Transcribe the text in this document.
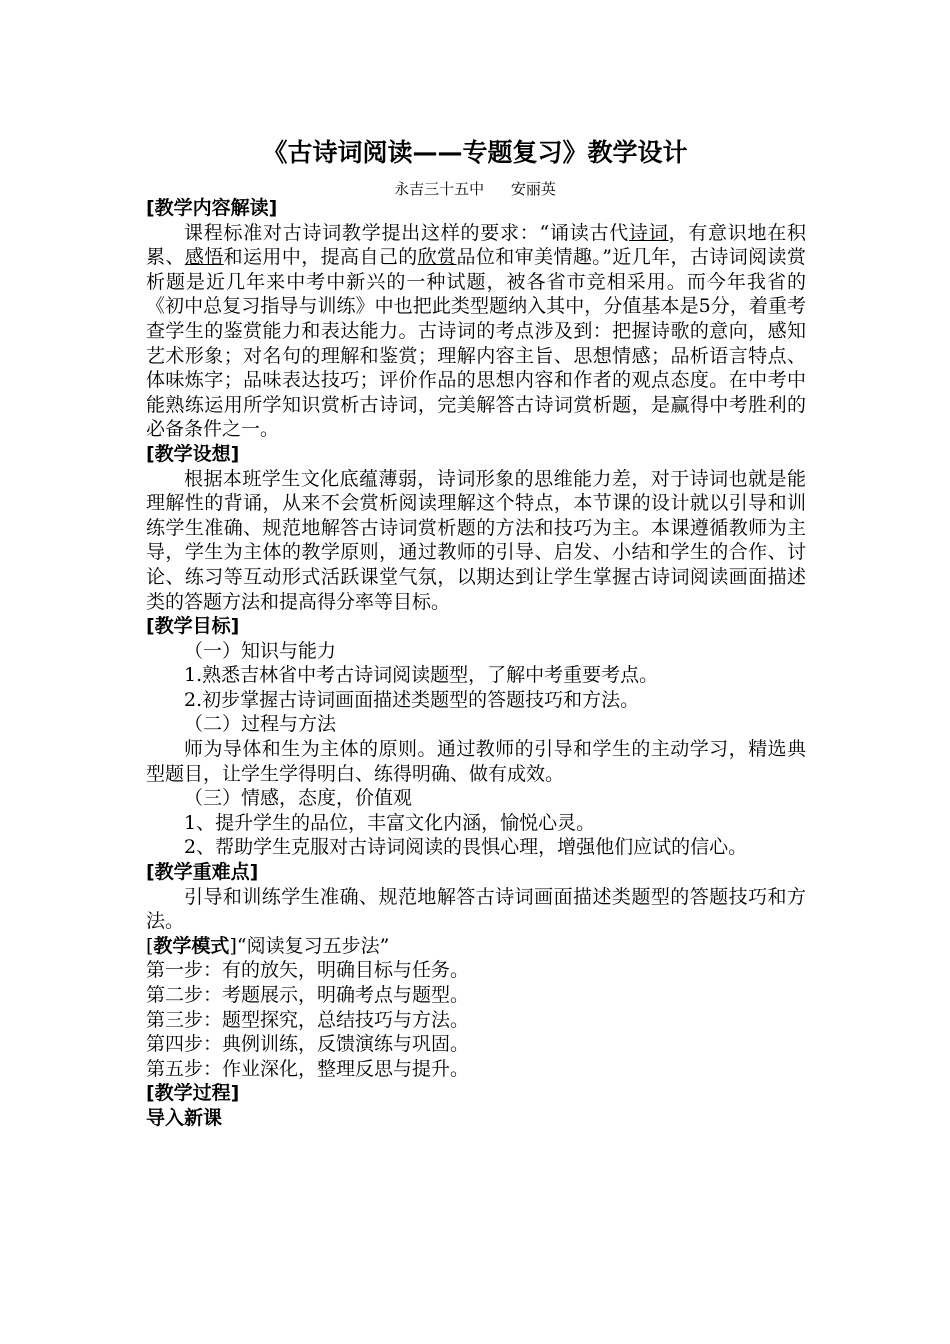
《古诗词阅读——专题复习》教学设计
永吉三十五中 安丽英

[教学内容解读]

课程标准对古诗词教学提出这样的要求：“诵读古代诗词，有意识地在积累、感悟和运用中，提高自己的欣赏品位和审美情趣。”近几年，古诗词阅读赏析题是近几年来中考中新兴的一种试题，被各省市竞相采用。而今年我省的《初中总复习指导与训练》中也把此类型题纳入其中，分值基本是5分，着重考查学生的鉴赏能力和表达能力。古诗词的考点涉及到：把握诗歌的意向，感知艺术形象；对名句的理解和鉴赏；理解内容主旨、思想情感；品析语言特点、体味炼字；品味表达技巧；评价作品的思想内容和作者的观点态度。在中考中能熟练运用所学知识赏析古诗词，完美解答古诗词赏析题，是赢得中考胜利的必备条件之一。

[教学设想]

根据本班学生文化底蕴薄弱，诗词形象的思维能力差，对于诗词也就是能理解性的背诵，从来不会赏析阅读理解这个特点，本节课的设计就以引导和训练学生准确、规范地解答古诗词赏析题的方法和技巧为主。本课遵循教师为主导，学生为主体的教学原则，通过教师的引导、启发、小结和学生的合作、讨论、练习等互动形式活跃课堂气氛，以期达到让学生掌握古诗词阅读画面描述类的答题方法和提高得分率等目标。

[教学目标]

（一）知识与能力

1.熟悉吉林省中考古诗词阅读题型，了解中考重要考点。

2.初步掌握古诗词画面描述类题型的答题技巧和方法。

（二）过程与方法

师为导体和生为主体的原则。通过教师的引导和学生的主动学习，精选典型题目，让学生学得明白、练得明确、做有成效。

（三）情感，态度，价值观

1、提升学生的品位，丰富文化内涵，愉悦心灵。

2、帮助学生克服对古诗词阅读的畏惧心理，增强他们应试的信心。

[教学重难点]

引导和训练学生准确、规范地解答古诗词画面描述类题型的答题技巧和方法。

[教学模式]“阅读复习五步法”

第一步：有的放矢，明确目标与任务。

第二步：考题展示，明确考点与题型。

第三步：题型探究，总结技巧与方法。

第四步：典例训练，反馈演练与巩固。

第五步：作业深化，整理反思与提升。

[教学过程]

导入新课
